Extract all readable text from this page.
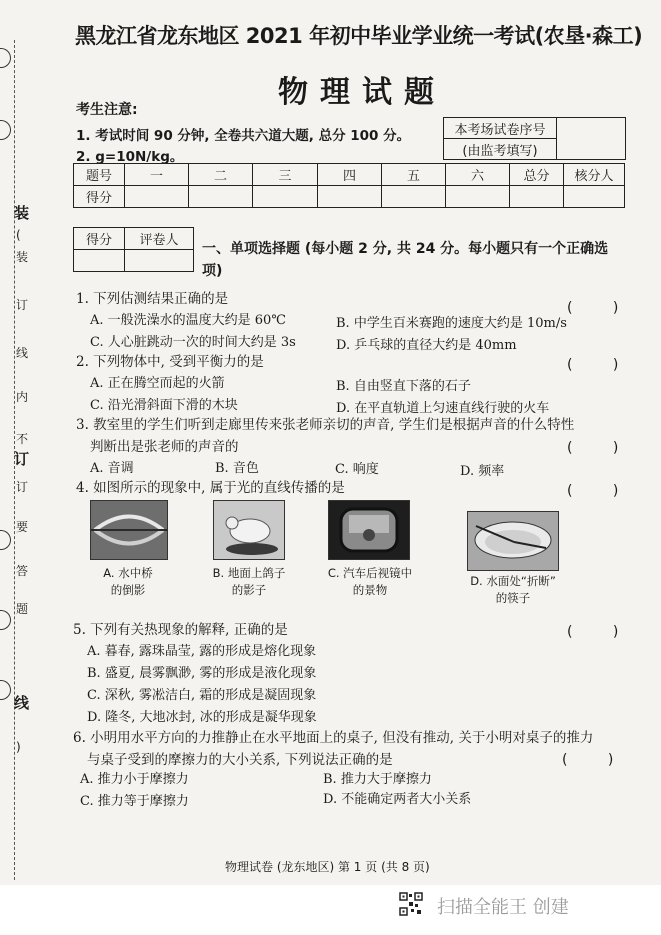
装
(
装
订
线
内
不
订
订
要
答
题
线
)
黑龙江省龙东地区 2021 年初中毕业学业统一考试(农垦·森工)
物理试题
考生注意:
1. 考试时间 90 分钟, 全卷共六道大题, 总分 100 分。
2. g=10N/kg。
本考场试卷序号	
(由监考填写)
题号	一	二	三	四	五	六	总分	核分人
得分								
得分	评卷人

一、单项选择题 (每小题 2 分, 共 24 分。每小题只有一个正确选项)
1. 下列估测结果正确的是
( )
A. 一般洗澡水的温度大约是 60℃	B. 中学生百米赛跑的速度大约是 10m/s
C. 人心脏跳动一次的时间大约是 3s	D. 乒乓球的直径大约是 40mm
2. 下列物体中, 受到平衡力的是	( )
A. 正在腾空而起的火箭	B. 自由竖直下落的石子
C. 沿光滑斜面下滑的木块	D. 在平直轨道上匀速直线行驶的火车
3. 教室里的学生们听到走廊里传来张老师亲切的声音, 学生们是根据声音的什么特性
判断出是张老师的声音的	( )
A. 音调	B. 音色	C. 响度	D. 频率
4. 如图所示的现象中, 属于光的直线传播的是	( )
A. 水中桥
的倒影
B. 地面上鸽子
的影子
C. 汽车后视镜中
的景物
D. 水面处“折断”
的筷子
5. 下列有关热现象的解释, 正确的是	( )
A. 暮春, 露珠晶莹, 露的形成是熔化现象
B. 盛夏, 晨雾飘渺, 雾的形成是液化现象
C. 深秋, 雾凇洁白, 霜的形成是凝固现象
D. 隆冬, 大地冰封, 冰的形成是凝华现象
6. 小明用水平方向的力推静止在水平地面上的桌子, 但没有推动, 关于小明对桌子的推力
与桌子受到的摩擦力的大小关系, 下列说法正确的是	( )
A. 推力小于摩擦力	B. 推力大于摩擦力
C. 推力等于摩擦力	D. 不能确定两者大小关系
物理试卷 (龙东地区) 第 1 页 (共 8 页)
扫描全能王 创建
